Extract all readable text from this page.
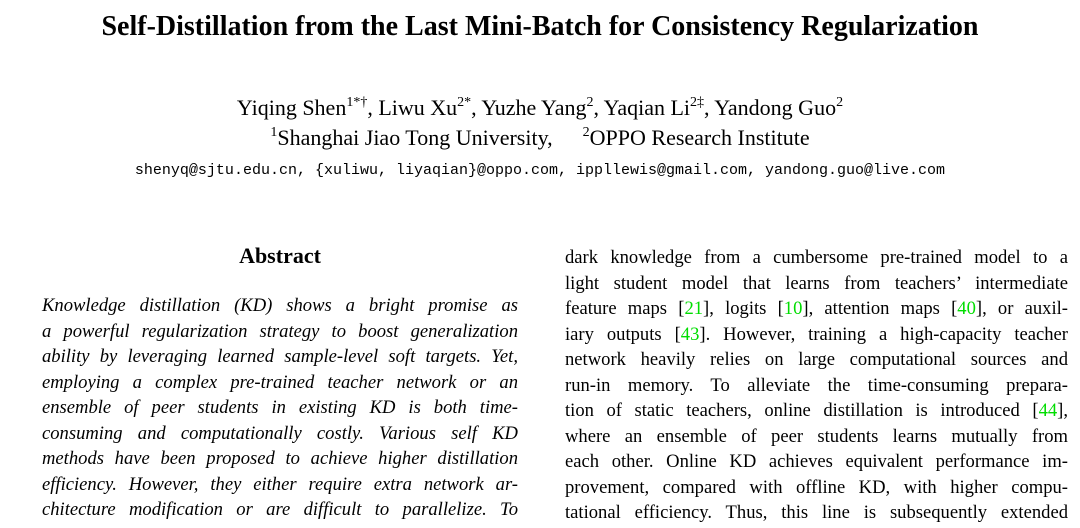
Self-Distillation from the Last Mini-Batch for Consistency Regularization
Yiqing Shen$^{1*\dagger}$, Liwu $Xu^{2*}$, Yuzhe Yang$^2$, Yaqian $Li^{2\ddagger}$, Yandong Guo$^2$
$^1$Shanghai Jiao Tong University, $^2$OPPO Research Institute
shenyq@sjtu.edu.cn, {xuliwu, liyaqian}@oppo.com, ippllewis@gmail.com, yandong.guo@live.com
Abstract
Knowledge distillation (KD) shows a bright promise as
a powerful regularization strategy to boost generalization
ability by leveraging learned sample-level soft targets. Yet,
employing a complex pre-trained teacher network or an
ensemble of peer students in existing KD is both time-
consuming and computationally costly. Various self KD
methods have been proposed to achieve higher distillation
efficiency. However, they either require extra network ar-
chitecture modification or are difficult to parallelize. To
dark knowledge from a cumbersome pre-trained model to a
light student model that learns from teachers’ intermediate
feature maps [21], logits [10], attention maps [40], or auxil-
iary outputs [43]. However, training a high-capacity teacher
network heavily relies on large computational sources and
run-in memory. To alleviate the time-consuming prepara-
tion of static teachers, online distillation is introduced [44],
where an ensemble of peer students learns mutually from
each other. Online KD achieves equivalent performance im-
provement, compared with offline KD, with higher compu-
tational efficiency. Thus, this line is subsequently extended
